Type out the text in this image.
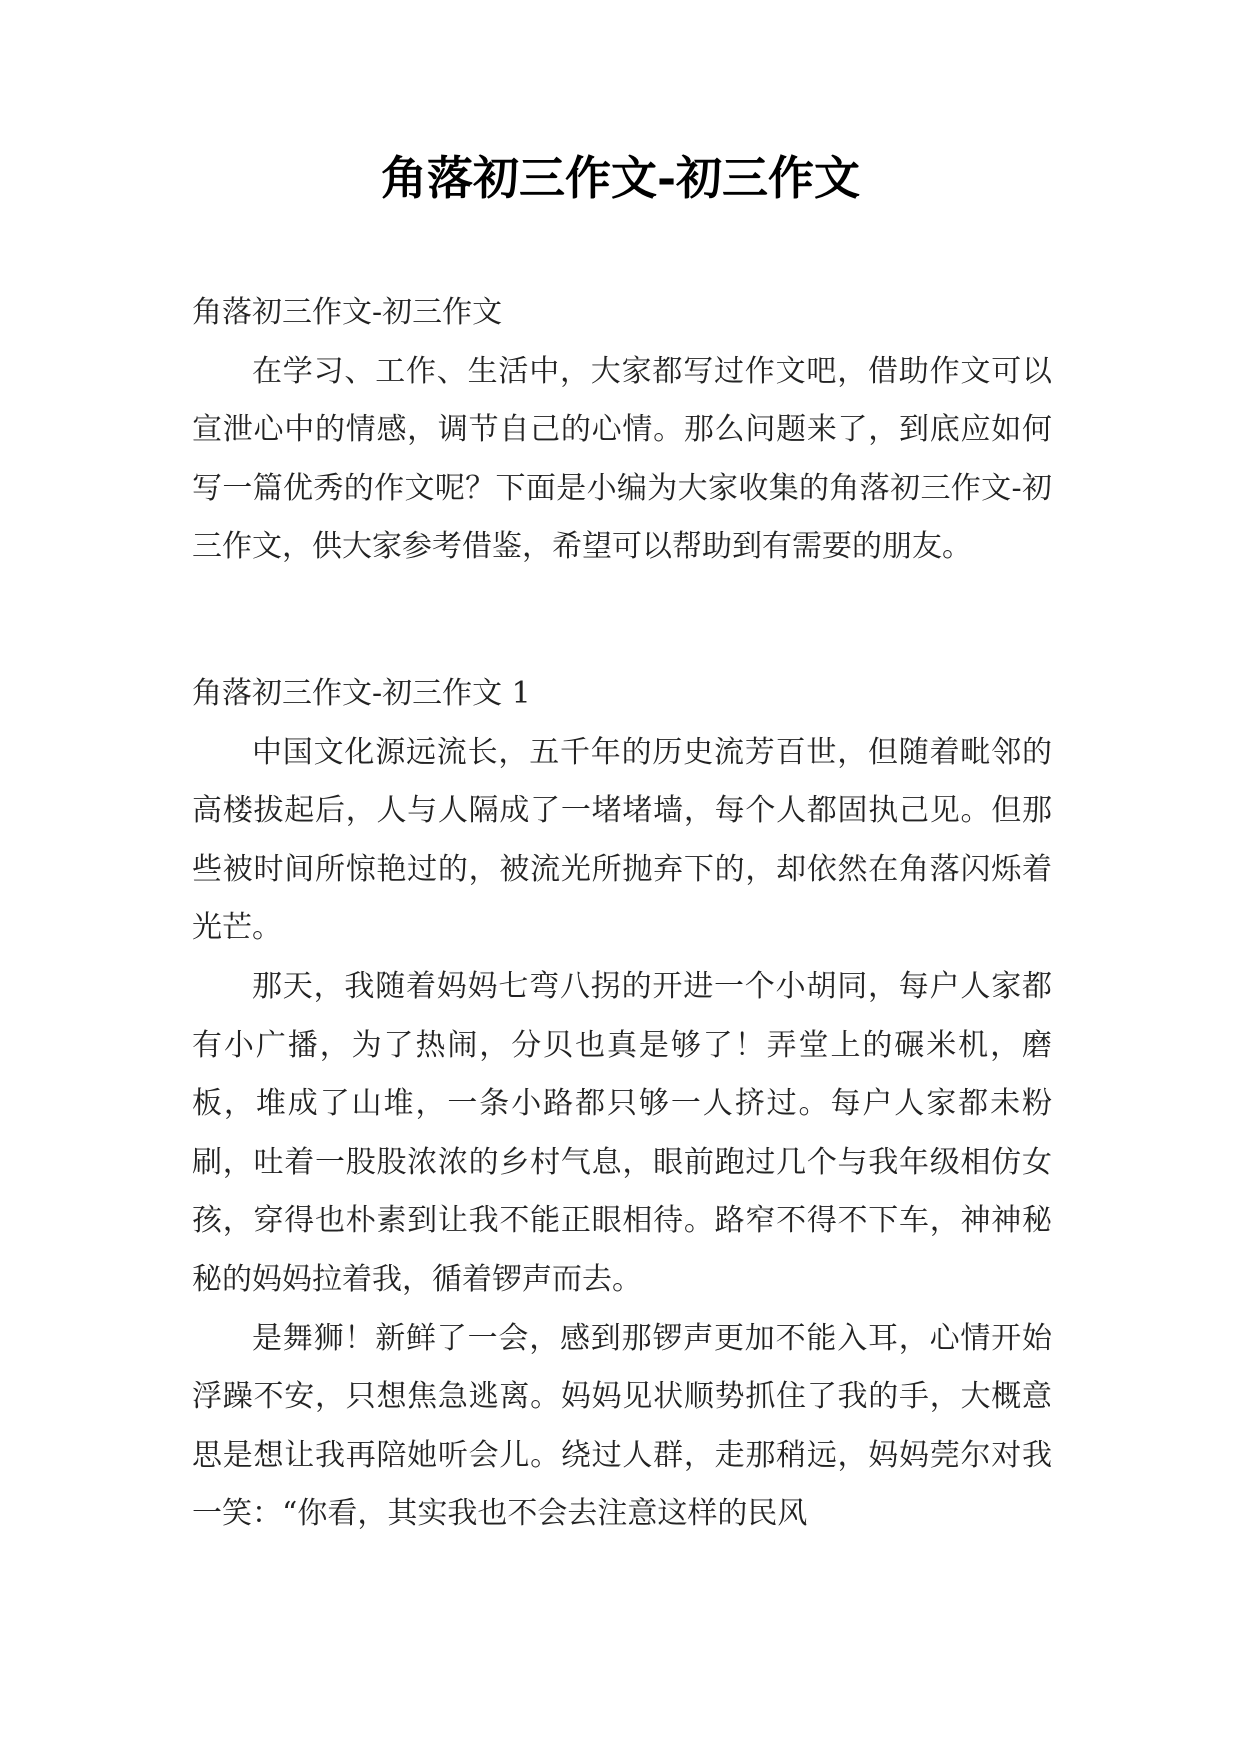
角落初三作文-初三作文

角落初三作文-初三作文

在学习、工作、生活中，大家都写过作文吧，借助作文可以宣泄心中的情感，调节自己的心情。那么问题来了，到底应如何写一篇优秀的作文呢？下面是小编为大家收集的角落初三作文-初三作文，供大家参考借鉴，希望可以帮助到有需要的朋友。

角落初三作文-初三作文 1

中国文化源远流长，五千年的历史流芳百世，但随着毗邻的高楼拔起后，人与人隔成了一堵堵墙，每个人都固执己见。但那些被时间所惊艳过的，被流光所抛弃下的，却依然在角落闪烁着光芒。

那天，我随着妈妈七弯八拐的开进一个小胡同，每户人家都有小广播，为了热闹，分贝也真是够了！弄堂上的碾米机，磨板，堆成了山堆，一条小路都只够一人挤过。每户人家都未粉刷，吐着一股股浓浓的乡村气息，眼前跑过几个与我年级相仿女孩，穿得也朴素到让我不能正眼相待。路窄不得不下车，神神秘秘的妈妈拉着我，循着锣声而去。

是舞狮！新鲜了一会，感到那锣声更加不能入耳，心情开始浮躁不安，只想焦急逃离。妈妈见状顺势抓住了我的手，大概意思是想让我再陪她听会儿。绕过人群，走那稍远，妈妈莞尔对我一笑：“你看，其实我也不会去注意这样的民风
